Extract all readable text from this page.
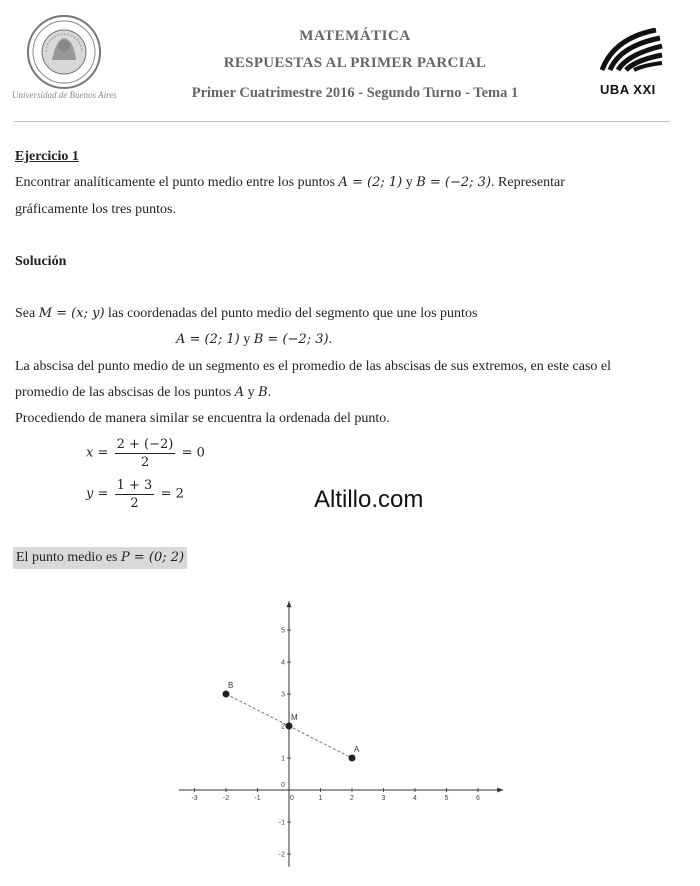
Universidad de Buenos Aires
MATEMÁTICA
RESPUESTAS AL PRIMER PARCIAL
Primer Cuatrimestre 2016 - Segundo Turno - Tema 1	UBA XXI
Ejercicio 1
Encontrar analíticamente el punto medio entre los puntos A = (2; 1) y B = (−2; 3). Representar
gráficamente los tres puntos.
Solución
Sea M = (x; y) las coordenadas del punto medio del segmento que une los puntos
A = (2; 1) y B = (−2; 3).
La abscisa del punto medio de un segmento es el promedio de las abscisas de sus extremos, en este caso el
promedio de las abscisas de los puntos A y B.
Procediendo de manera similar se encuentra la ordenada del punto.
$x = \frac{2 + (-2)}{2} = 0$
$y = \frac{1 + 3}{2} = 2$	Altillo.com
El punto medio es P = (0; 2)
-3	-2	-1	0	1	2	3	4	5	6
5
4
3
2
1
-1
-2
0
B
M
A
